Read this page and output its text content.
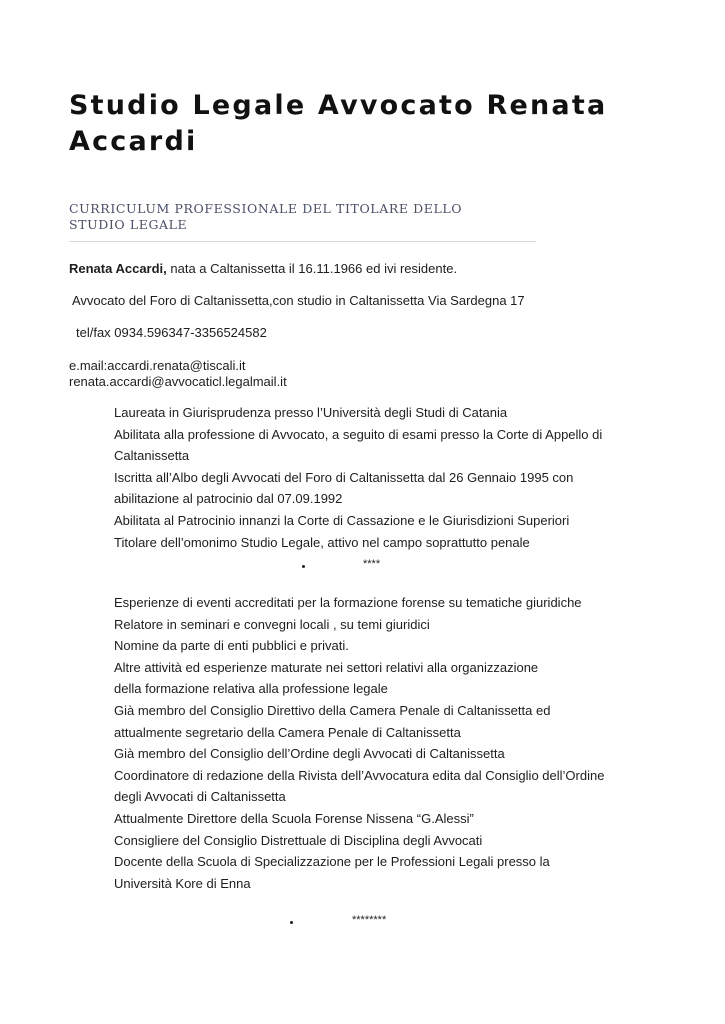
Studio Legale Avvocato Renata Accardi
CURRICULUM PROFESSIONALE DEL TITOLARE DELLO
STUDIO LEGALE
Renata Accardi, nata a Caltanissetta il 16.11.1966 ed ivi residente.
Avvocato del Foro di Caltanissetta,con studio in Caltanissetta Via Sardegna 17
tel/fax 0934.596347-3356524582
e.mail:accardi.renata@tiscali.it
renata.accardi@avvocaticl.legalmail.it
Laureata in Giurisprudenza presso l’Università degli Studi di Catania
Abilitata alla professione di Avvocato, a seguito di esami presso la Corte di Appello di
Caltanissetta
Iscritta all’Albo degli Avvocati del Foro di Caltanissetta dal 26 Gennaio 1995 con
abilitazione al patrocinio dal 07.09.1992
Abilitata al Patrocinio innanzi la Corte di Cassazione e le Giurisdizioni Superiori
Titolare dell’omonimo Studio Legale, attivo nel campo soprattutto penale
****
Esperienze di eventi accreditati per la formazione forense su tematiche giuridiche
Relatore in seminari e convegni locali , su temi giuridici
Nomine da parte di enti pubblici e privati.
Altre attività ed esperienze maturate nei settori relativi alla organizzazione
della formazione relativa alla professione legale
Già membro del Consiglio Direttivo della Camera Penale di Caltanissetta ed
attualmente segretario della Camera Penale di Caltanissetta
Già membro del Consiglio dell’Ordine degli Avvocati di Caltanissetta
Coordinatore di redazione della Rivista dell’Avvocatura edita dal Consiglio dell’Ordine
degli Avvocati di Caltanissetta
Attualmente Direttore della Scuola Forense Nissena “G.Alessi”
Consigliere del Consiglio Distrettuale di Disciplina degli Avvocati
Docente della Scuola di Specializzazione per le Professioni Legali presso la
Università Kore di Enna
********
